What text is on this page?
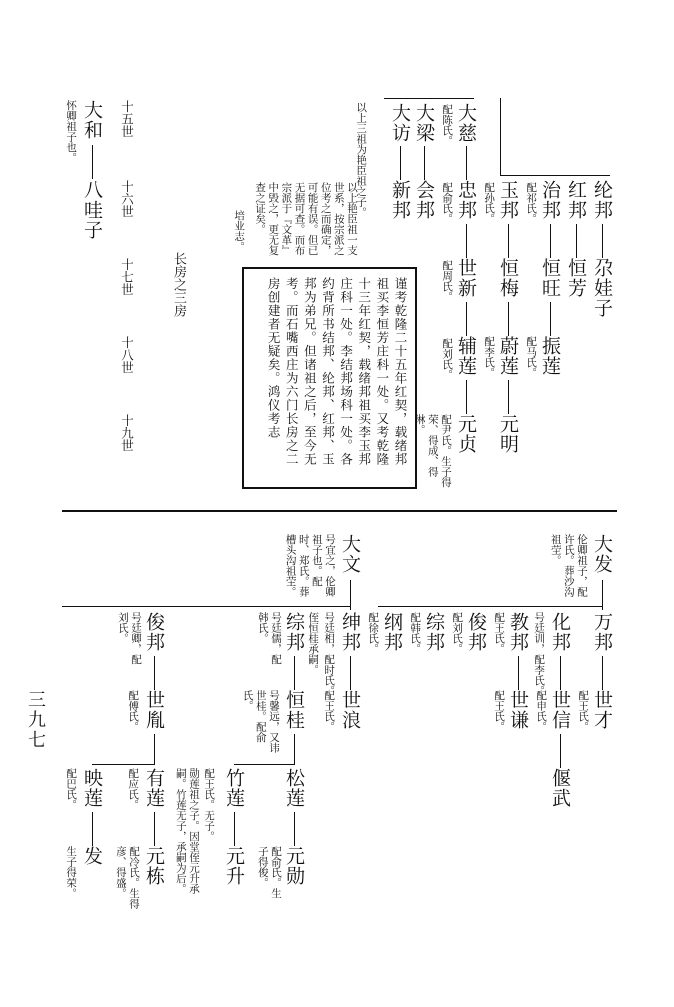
十五世
十六世
十七世
十八世
十九世
长房之三房
大和
怀卿祖子也。
八哇子	以上三祖为艳臣祖之子。
以上艳臣祖一支世系，按宗派之位考之而确定，可能有误。但已无据可查。而布宗派于『文革』中毁之，更无复查之证矣。
培业志。
谨考乾隆二十五年红契，载绪邦祖买李恒芳庄科一处。又考乾隆十三年红契，载绪邦祖买李玉邦庄科一处。李结邦场科一处。各约背所书结邦、纶邦、红邦、玉邦为弟兄。但诸祖之后，至今无考。而石嘴西庄为六门长房之二房创建者无疑矣。鸿仪考志
大访 大梁 大慈
配陈氏。
新邦 会邦 忠邦
配俞氏。
世新
配周氏。
辅莲
配刘氏。
元贞
配尹氏。生子得荣、得成、得淋。
玉邦
配孙氏。
恒梅
配李氏。 蔚莲
元明
治邦
配祁氏。
恒旺
配马氏。 振莲
红邦
恒芳
纶邦
尕娃子
大发
伦卿祖子，配许氏。葬沙沟祖茔。
万邦
配王氏。 世才
化邦
号廷训，配李氏。
世信
配申氏。
偃武
教邦
配王氏。
世谦
配王氏。
俊邦
配刘氏。
综邦
配韩氏。
纲邦
配徐氏。
大文
号宜之，伦卿祖子也。配时、郑氏。葬槽头沟祖茔。
绅邦
号廷相，配时氏。
世浪
配王氏。
侄恒桂承嗣。
综邦
号廷儒，配韩氏。
恒桂
号馨远，又讳世桂。配俞氏。
松莲
元勋
配俞氏。生子得俊。
竹莲
配王氏。无子。
元升
勋莲祖之子。因堂侄元升承嗣。竹莲无子，承嗣为后。
俊邦
号廷卿，配刘氏。
世胤
配傅氏。
有莲
配应氏。
元栋
配冷氏。生得彦、得盛。
映莲
配巴氏。
发
生子得荣。
三九七
